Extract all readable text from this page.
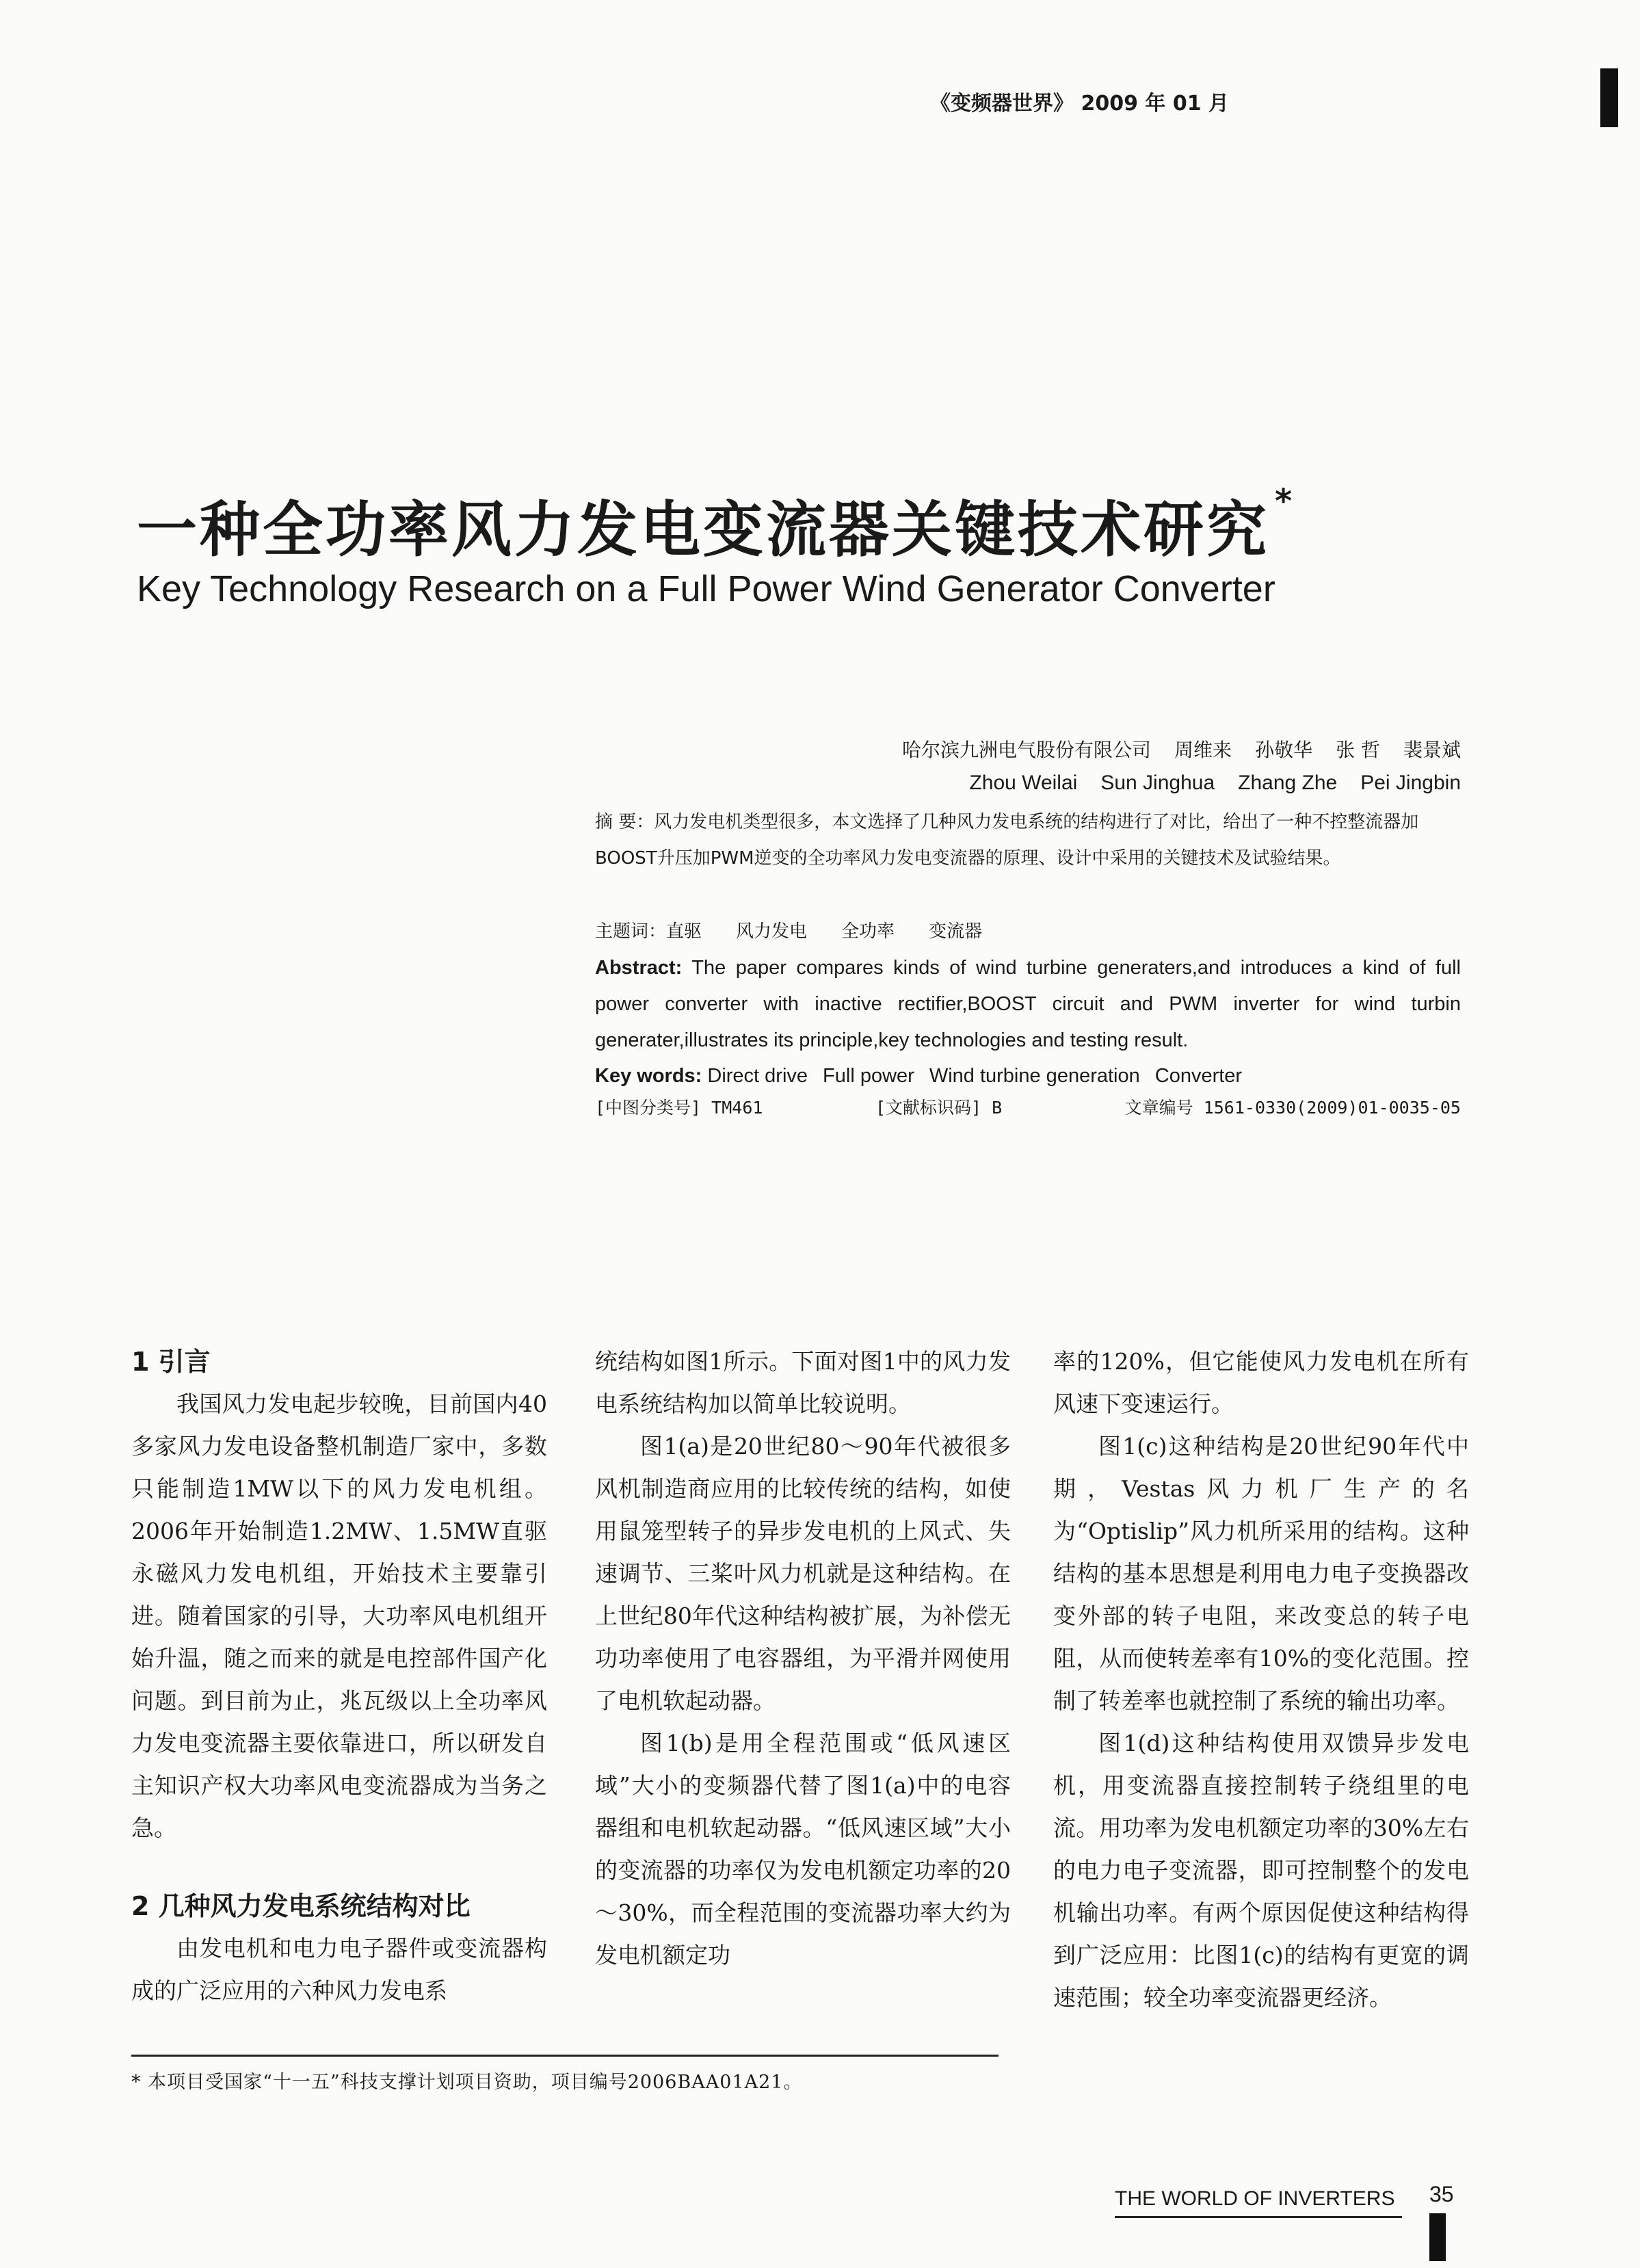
《变频器世界》 2009 年 01 月
一种全功率风力发电变流器关键技术研究 *
Key Technology Research on a Full Power Wind Generator Converter
哈尔滨九洲电气股份有限公司 周维来 孙敬华 张 哲 裴景斌
Zhou Weilai Sun Jinghua Zhang Zhe Pei Jingbin
摘 要：风力发电机类型很多，本文选择了几种风力发电系统的结构进行了对比，给出了一种不控整流器加BOOST升压加PWM逆变的全功率风力发电变流器的原理、设计中采用的关键技术及试验结果。
主题词：直驱 风力发电 全功率 变流器
Abstract: The paper compares kinds of wind turbine generaters,and introduces a kind of full power converter with inactive rectifier,BOOST circuit and PWM inverter for wind turbin generater,illustrates its principle,key technologies and testing result.
Key words: Direct drive Full power Wind turbine generation Converter
[中图分类号] TM461	[文献标识码] B	文章编号 1561-0330(2009)01-0035-05
1 引言

我国风力发电起步较晚，目前国内40多家风力发电设备整机制造厂家中，多数只能制造1MW以下的风力发电机组。2006年开始制造1.2MW、1.5MW直驱永磁风力发电机组，开始技术主要靠引进。随着国家的引导，大功率风电机组开始升温，随之而来的就是电控部件国产化问题。到目前为止，兆瓦级以上全功率风力发电变流器主要依靠进口，所以研发自主知识产权大功率风电变流器成为当务之急。

2 几种风力发电系统结构对比

由发电机和电力电子器件或变流器构成的广泛应用的六种风力发电系

统结构如图1所示。下面对图1中的风力发电系统结构加以简单比较说明。

图1(a)是20世纪80～90年代被很多风机制造商应用的比较传统的结构，如使用鼠笼型转子的异步发电机的上风式、失速调节、三桨叶风力机就是这种结构。在上世纪80年代这种结构被扩展，为补偿无功功率使用了电容器组，为平滑并网使用了电机软起动器。

图1(b)是用全程范围或“低风速区域”大小的变频器代替了图1(a)中的电容器组和电机软起动器。“低风速区域”大小的变流器的功率仅为发电机额定功率的20～30%，而全程范围的变流器功率大约为发电机额定功

率的120%，但它能使风力发电机在所有风速下变速运行。

图1(c)这种结构是20世纪90年代中期，Vestas风力机厂生产的名为“Optislip”风力机所采用的结构。这种结构的基本思想是利用电力电子变换器改变外部的转子电阻，来改变总的转子电阻，从而使转差率有10%的变化范围。控制了转差率也就控制了系统的输出功率。

图1(d)这种结构使用双馈异步发电机，用变流器直接控制转子绕组里的电流。用功率为发电机额定功率的30%左右的电力电子变流器，即可控制整个的发电机输出功率。有两个原因促使这种结构得到广泛应用：比图1(c)的结构有更宽的调速范围；较全功率变流器更经济。

* 本项目受国家“十一五”科技支撑计划项目资助，项目编号2006BAA01A21。
THE WORLD OF INVERTERS 35
